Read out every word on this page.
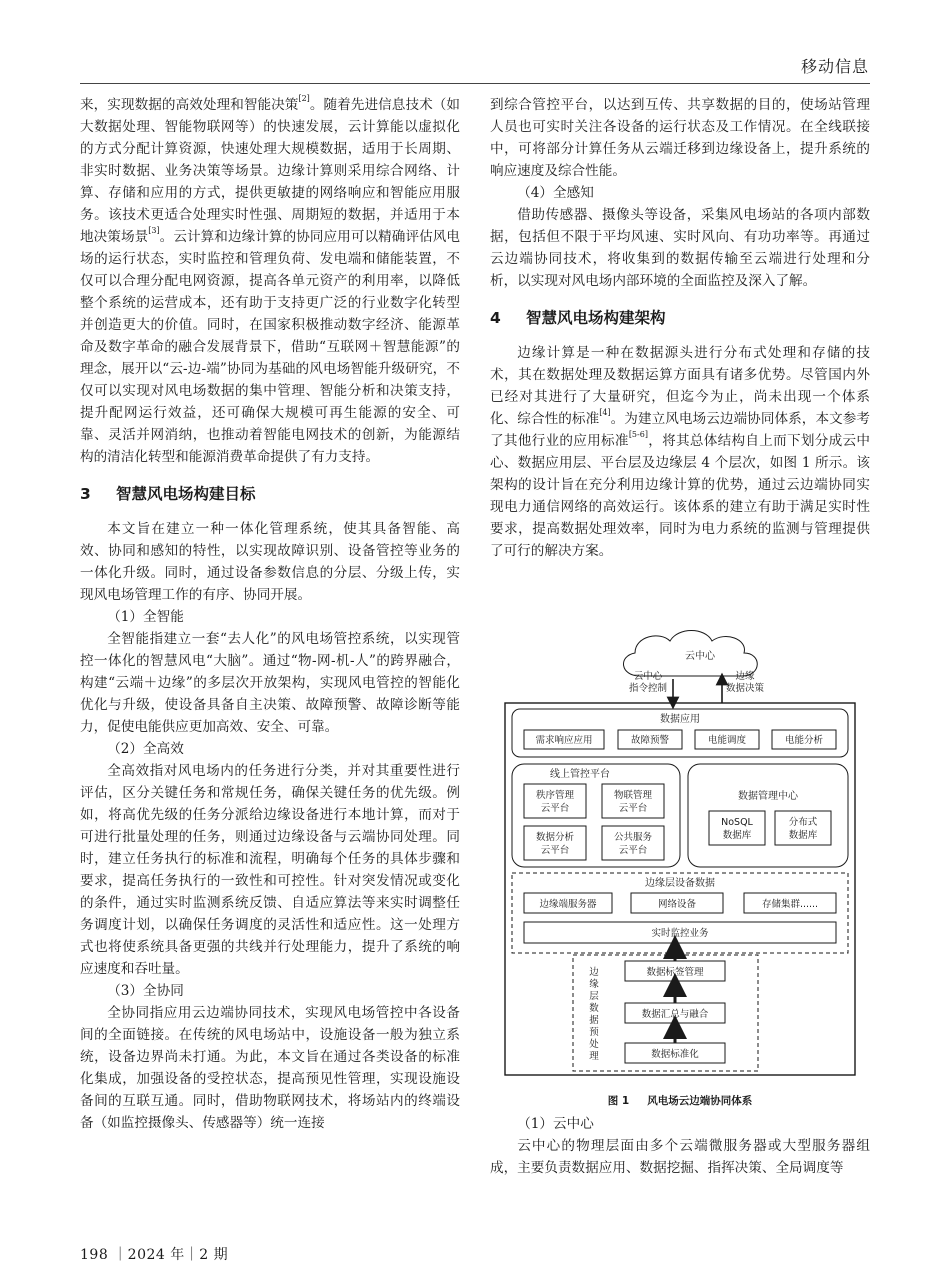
移动信息

来，实现数据的高效处理和智能决策[2]。随着先进信息技术（如大数据处理、智能物联网等）的快速发展，云计算能以虚拟化的方式分配计算资源，快速处理大规模数据，适用于长周期、非实时数据、业务决策等场景。边缘计算则采用综合网络、计算、存储和应用的方式，提供更敏捷的网络响应和智能应用服务。该技术更适合处理实时性强、周期短的数据，并适用于本地决策场景[3]。云计算和边缘计算的协同应用可以精确评估风电场的运行状态，实时监控和管理负荷、发电端和储能装置，不仅可以合理分配电网资源，提高各单元资产的利用率，以降低整个系统的运营成本，还有助于支持更广泛的行业数字化转型并创造更大的价值。同时，在国家积极推动数字经济、能源革命及数字革命的融合发展背景下，借助“互联网＋智慧能源”的理念，展开以“云-边-端”协同为基础的风电场智能升级研究，不仅可以实现对风电场数据的集中管理、智能分析和决策支持，提升配网运行效益，还可确保大规模可再生能源的安全、可靠、灵活并网消纳，也推动着智能电网技术的创新，为能源结构的清洁化转型和能源消费革命提供了有力支持。

3 智慧风电场构建目标

本文旨在建立一种一体化管理系统，使其具备智能、高效、协同和感知的特性，以实现故障识别、设备管控等业务的一体化升级。同时，通过设备参数信息的分层、分级上传，实现风电场管理工作的有序、协同开展。

（1）全智能

全智能指建立一套“去人化”的风电场管控系统，以实现管控一体化的智慧风电“大脑”。通过“物-网-机-人”的跨界融合，构建“云端＋边缘”的多层次开放架构，实现风电管控的智能化优化与升级，使设备具备自主决策、故障预警、故障诊断等能力，促使电能供应更加高效、安全、可靠。

（2）全高效

全高效指对风电场内的任务进行分类，并对其重要性进行评估，区分关键任务和常规任务，确保关键任务的优先级。例如，将高优先级的任务分派给边缘设备进行本地计算，而对于可进行批量处理的任务，则通过边缘设备与云端协同处理。同时，建立任务执行的标准和流程，明确每个任务的具体步骤和要求，提高任务执行的一致性和可控性。针对突发情况或变化的条件，通过实时监测系统反馈、自适应算法等来实时调整任务调度计划，以确保任务调度的灵活性和适应性。这一处理方式也将使系统具备更强的共线并行处理能力，提升了系统的响应速度和吞吐量。

（3）全协同

全协同指应用云边端协同技术，实现风电场管控中各设备间的全面链接。在传统的风电场站中，设施设备一般为独立系统，设备边界尚未打通。为此，本文旨在通过各类设备的标准化集成，加强设备的受控状态，提高预见性管理，实现设施设备间的互联互通。同时，借助物联网技术，将场站内的终端设备（如监控摄像头、传感器等）统一连接

到综合管控平台，以达到互传、共享数据的目的，使场站管理人员也可实时关注各设备的运行状态及工作情况。在全线联接中，可将部分计算任务从云端迁移到边缘设备上，提升系统的响应速度及综合性能。

（4）全感知

借助传感器、摄像头等设备，采集风电场站的各项内部数据，包括但不限于平均风速、实时风向、有功功率等。再通过云边端协同技术，将收集到的数据传输至云端进行处理和分析，以实现对风电场内部环境的全面监控及深入了解。

4 智慧风电场构建架构

边缘计算是一种在数据源头进行分布式处理和存储的技术，其在数据处理及数据运算方面具有诸多优势。尽管国内外已经对其进行了大量研究，但迄今为止，尚未出现一个体系化、综合性的标准[4]。为建立风电场云边端协同体系，本文参考了其他行业的应用标准[5-6]，将其总体结构自上而下划分成云中心、数据应用层、平台层及边缘层 4 个层次，如图 1 所示。该架构的设计旨在充分利用边缘计算的优势，通过云边端协同实现电力通信网络的高效运行。该体系的建立有助于满足实时性要求，提高数据处理效率，同时为电力系统的监测与管理提供了可行的解决方案。

云中心
云中心
指令控制
边缘
数据决策
数据应用
需求响应应用	故障预警	电能调度	电能分析
线上管控平台
秩序管理
云平台
物联管理
云平台
数据分析
云平台
公共服务
云平台
数据管理中心
NoSQL
数据库
分布式
数据库
边缘层设备数据
边缘端服务器	网络设备	存储集群......
实时监控业务
边
缘
层
数
据
预
处
理
数据标签管理
数据汇总与融合
数据标准化
图 1 风电场云边端协同体系

（1）云中心

云中心的物理层面由多个云端微服务器或大型服务器组成，主要负责数据应用、数据挖掘、指挥决策、全局调度等

198 ｜2024 年｜2 期
